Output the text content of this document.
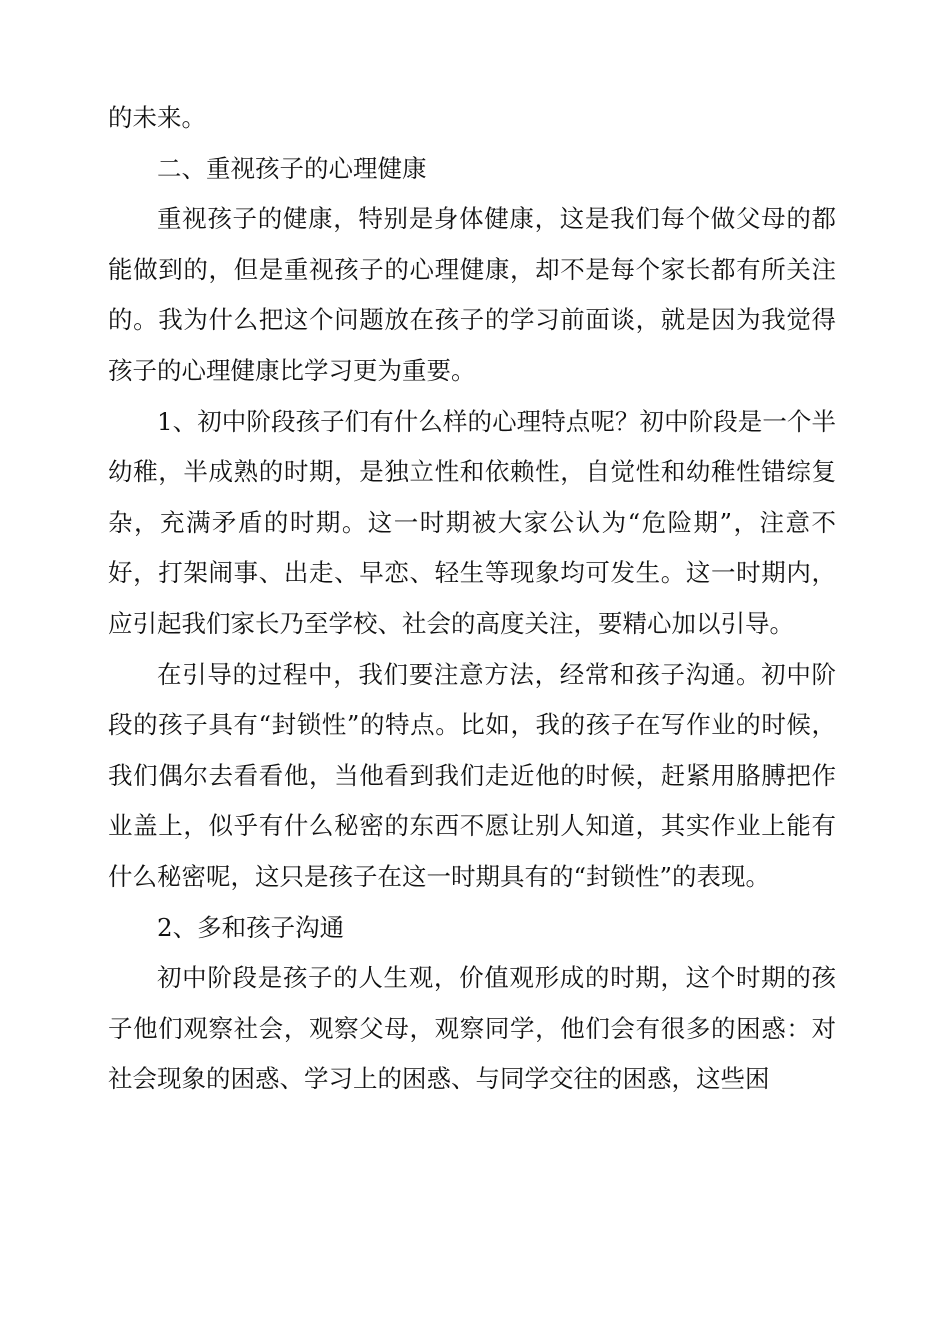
的未来。

二、重视孩子的心理健康

重视孩子的健康，特别是身体健康，这是我们每个做父母的都能做到的，但是重视孩子的心理健康，却不是每个家长都有所关注的。我为什么把这个问题放在孩子的学习前面谈，就是因为我觉得孩子的心理健康比学习更为重要。

1、初中阶段孩子们有什么样的心理特点呢？初中阶段是一个半幼稚，半成熟的时期，是独立性和依赖性，自觉性和幼稚性错综复杂，充满矛盾的时期。这一时期被大家公认为“危险期”，注意不好，打架闹事、出走、早恋、轻生等现象均可发生。这一时期内，应引起我们家长乃至学校、社会的高度关注，要精心加以引导。

在引导的过程中，我们要注意方法，经常和孩子沟通。初中阶段的孩子具有“封锁性”的特点。比如，我的孩子在写作业的时候，我们偶尔去看看他，当他看到我们走近他的时候，赶紧用胳膊把作业盖上，似乎有什么秘密的东西不愿让别人知道，其实作业上能有什么秘密呢，这只是孩子在这一时期具有的“封锁性”的表现。

2、多和孩子沟通

初中阶段是孩子的人生观，价值观形成的时期，这个时期的孩子他们观察社会，观察父母，观察同学，他们会有很多的困惑：对社会现象的困惑、学习上的困惑、与同学交往的困惑，这些困
